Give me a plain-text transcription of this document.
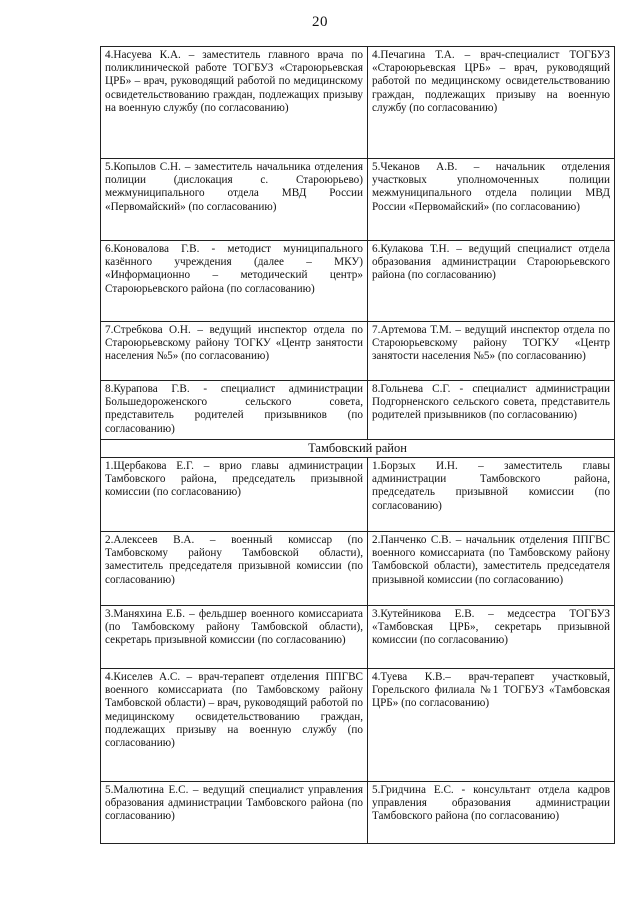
20
4.Насуева К.А. – заместитель главного врача по поликлинической работе ТОГБУЗ «Староюрьевская ЦРБ» – врач, руководящий работой по медицинскому освидетельствованию граждан, подлежащих призыву на военную службу (по согласованию)	4.Печагина Т.А. – врач-специалист ТОГБУЗ «Староюрьевская ЦРБ» – врач, руководящий работой по медицинскому освидетельствованию граждан, подлежащих призыву на военную службу (по согласованию)
5.Копылов С.Н. – заместитель начальника отделения полиции (дислокация с. Староюрьево) межмуниципального отдела МВД России «Первомайский» (по согласованию)	5.Чеканов А.В. – начальник отделения участковых уполномоченных полиции межмуниципального отдела полиции МВД России «Первомайский» (по согласованию)
6.Коновалова Г.В. - методист муниципального казённого учреждения (далее – МКУ) «Информационно – методический центр» Староюрьевского района (по согласованию)	6.Кулакова Т.Н. – ведущий специалист отдела образования администрации Староюрьевского района (по согласованию)
7.Стребкова О.Н. – ведущий инспектор отдела по Староюрьевскому району ТОГКУ «Центр занятости населения №5» (по согласованию)	7.Артемова Т.М. – ведущий инспектор отдела по Староюрьевскому району ТОГКУ «Центр занятости населения №5» (по согласованию)
8.Курапова Г.В. - специалист администрации Большедороженского сельского совета, представитель родителей призывников (по согласованию)	8.Гольнева С.Г. - специалист администрации Подгорненского сельского совета, представитель родителей призывников (по согласованию)
Тамбовский район	
1.Щербакова Е.Г. – врио главы администрации Тамбовского района, председатель призывной комиссии (по согласованию)	1.Борзых И.Н. – заместитель главы администрации Тамбовского района, председатель призывной комиссии (по согласованию)
2.Алексеев В.А. – военный комиссар (по Тамбовскому району Тамбовской области), заместитель председателя призывной комиссии (по согласованию)	2.Панченко С.В. – начальник отделения ППГВС военного комиссариата (по Тамбовскому району Тамбовской области), заместитель председателя призывной комиссии (по согласованию)
3.Маняхина Е.Б. – фельдшер военного комиссариата (по Тамбовскому району Тамбовской области), секретарь призывной комиссии (по согласованию)	3.Кутейникова Е.В. – медсестра ТОГБУЗ «Тамбовская ЦРБ», секретарь призывной комиссии (по согласованию)
4.Киселев А.С. – врач-терапевт отделения ППГВС военного комиссариата (по Тамбовскому району Тамбовской области) – врач, руководящий работой по медицинскому освидетельствованию граждан, подлежащих призыву на военную службу (по согласованию)	4.Туева К.В.– врач-терапевт участковый, Горельского филиала №1 ТОГБУЗ «Тамбовская ЦРБ» (по согласованию)
5.Малютина Е.С. – ведущий специалист управления образования администрации Тамбовского района (по согласованию)	5.Гридчина Е.С. - консультант отдела кадров управления образования администрации Тамбовского района (по согласованию)
